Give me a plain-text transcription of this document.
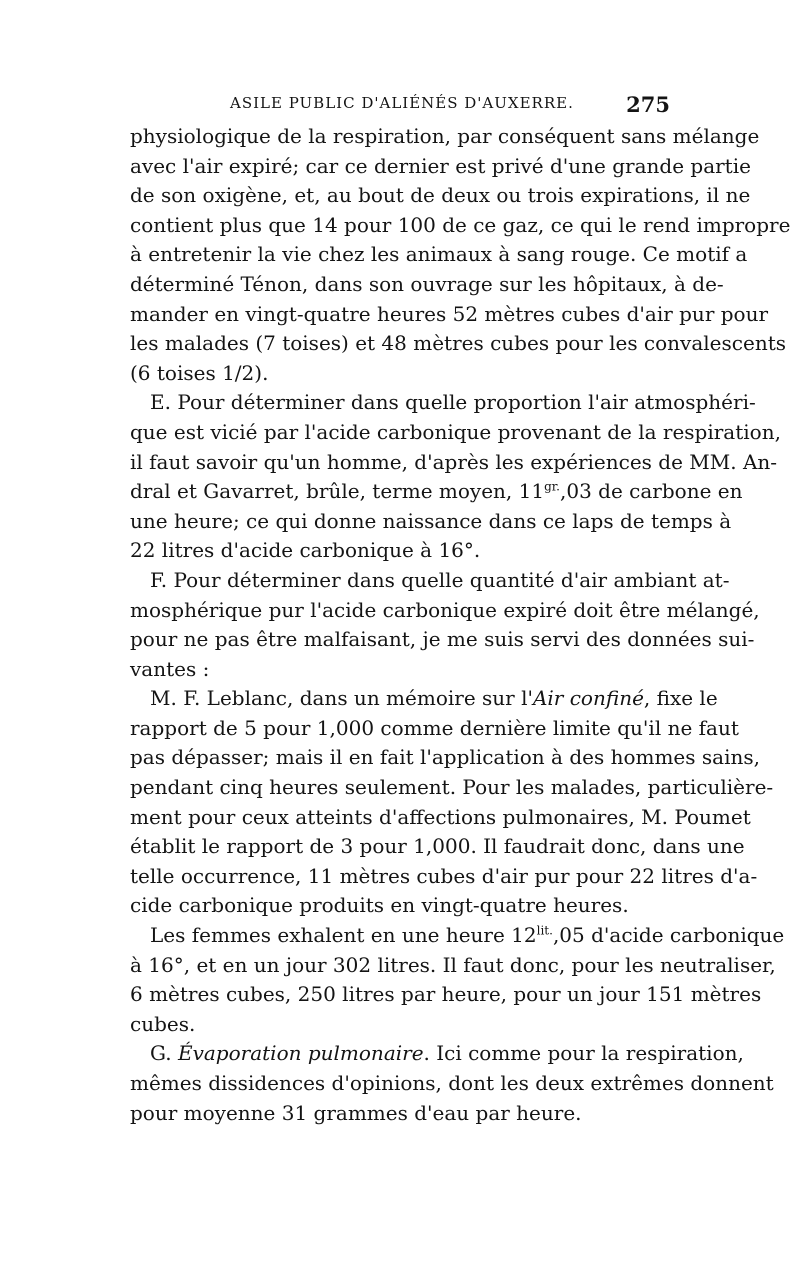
ASILE PUBLIC D'ALIÉNÉS D'AUXERRE. 275
physiologique de la respiration, par conséquent sans mélange
avec l'air expiré; car ce dernier est privé d'une grande partie
de son oxigène, et, au bout de deux ou trois expirations, il ne
contient plus que 14 pour 100 de ce gaz, ce qui le rend impropre
à entretenir la vie chez les animaux à sang rouge. Ce motif a
déterminé Ténon, dans son ouvrage sur les hôpitaux, à de-
mander en vingt-quatre heures 52 mètres cubes d'air pur pour
les malades (7 toises) et 48 mètres cubes pour les convalescents
(6 toises 1/2).
E. Pour déterminer dans quelle proportion l'air atmosphéri-
que est vicié par l'acide carbonique provenant de la respiration,
il faut savoir qu'un homme, d'après les expériences de MM. An-
dral et Gavarret, brûle, terme moyen, $11^{gr.},03$ de carbone en
une heure; ce qui donne naissance dans ce laps de temps à
22 litres d'acide carbonique à 16°.
F. Pour déterminer dans quelle quantité d'air ambiant at-
mosphérique pur l'acide carbonique expiré doit être mélangé,
pour ne pas être malfaisant, je me suis servi des données sui-
vantes :
M. F. Leblanc, dans un mémoire sur l'Air confiné, fixe le
rapport de 5 pour 1,000 comme dernière limite qu'il ne faut
pas dépasser; mais il en fait l'application à des hommes sains,
pendant cinq heures seulement. Pour les malades, particulière-
ment pour ceux atteints d'affections pulmonaires, M. Poumet
établit le rapport de 3 pour 1,000. Il faudrait donc, dans une
telle occurrence, 11 mètres cubes d'air pur pour 22 litres d'a-
cide carbonique produits en vingt-quatre heures.
Les femmes exhalent en une heure $12^{lit.},05$ d'acide carbonique
à 16°, et en un jour 302 litres. Il faut donc, pour les neutraliser,
6 mètres cubes, 250 litres par heure, pour un jour 151 mètres
cubes.
G. Évaporation pulmonaire. Ici comme pour la respiration,
mêmes dissidences d'opinions, dont les deux extrêmes donnent
pour moyenne 31 grammes d'eau par heure.
